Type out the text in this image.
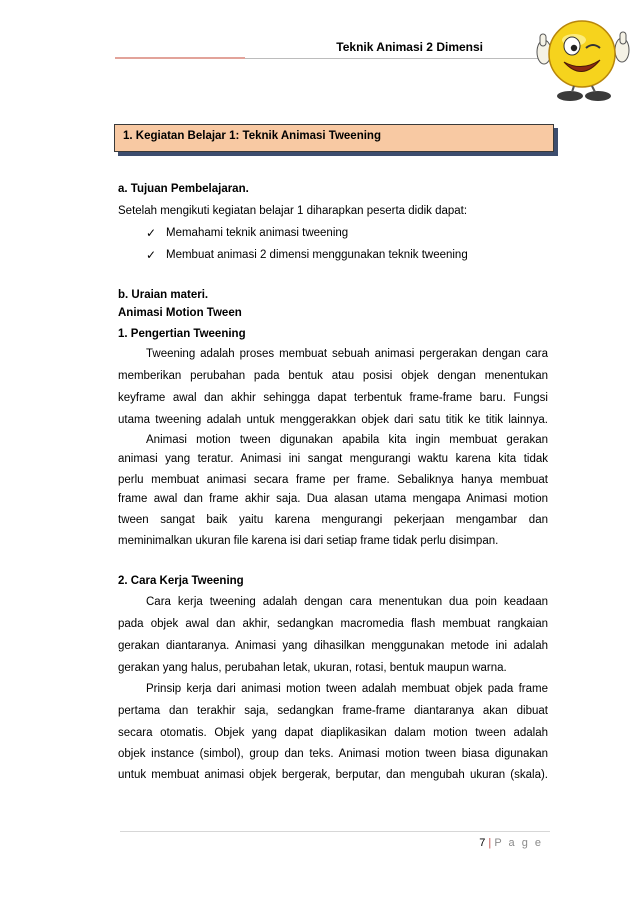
Teknik Animasi 2 Dimensi
1. Kegiatan Belajar 1: Teknik Animasi Tweening
a. Tujuan Pembelajaran.
Setelah mengikuti kegiatan belajar 1 diharapkan peserta didik dapat:
✓ Memahami teknik animasi tweening
✓ Membuat animasi 2 dimensi menggunakan teknik tweening
b. Uraian materi.
Animasi Motion Tween
1. Pengertian Tweening
Tweening adalah proses membuat sebuah animasi pergerakan dengan cara
memberikan perubahan pada bentuk atau posisi objek dengan menentukan
keyframe awal dan akhir sehingga dapat terbentuk frame-frame baru. Fungsi
utama tweening adalah untuk menggerakkan objek dari satu titik ke titik lainnya.
Animasi motion tween digunakan apabila kita ingin membuat gerakan
animasi yang teratur. Animasi ini sangat mengurangi waktu karena kita tidak
perlu membuat animasi secara frame per frame. Sebaliknya hanya membuat
frame awal dan frame akhir saja. Dua alasan utama mengapa Animasi motion
tween sangat baik yaitu karena mengurangi pekerjaan mengambar dan
meminimalkan ukuran file karena isi dari setiap frame tidak perlu disimpan.
2. Cara Kerja Tweening
Cara kerja tweening adalah dengan cara menentukan dua poin keadaan
pada objek awal dan akhir, sedangkan macromedia flash membuat rangkaian
gerakan diantaranya. Animasi yang dihasilkan menggunakan metode ini adalah
gerakan yang halus, perubahan letak, ukuran, rotasi, bentuk maupun warna.
Prinsip kerja dari animasi motion tween adalah membuat objek pada frame
pertama dan terakhir saja, sedangkan frame-frame diantaranya akan dibuat
secara otomatis. Objek yang dapat diaplikasikan dalam motion tween adalah
objek instance (simbol), group dan teks. Animasi motion tween biasa digunakan
untuk membuat animasi objek bergerak, berputar, dan mengubah ukuran (skala).
7 | P a g e
